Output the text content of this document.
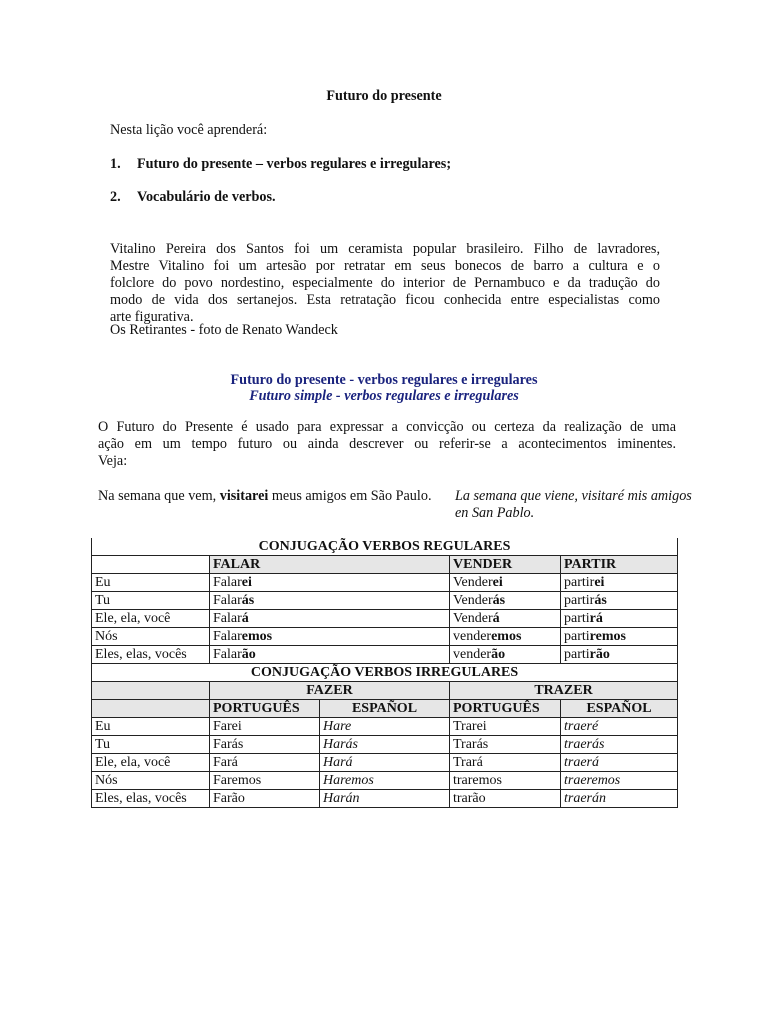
Futuro do presente
Nesta lição você aprenderá:
1. Futuro do presente – verbos regulares e irregulares;
2. Vocabulário de verbos.
Vitalino Pereira dos Santos foi um ceramista popular brasileiro. Filho de lavradores,
Mestre Vitalino foi um artesão por retratar em seus bonecos de barro a cultura e o
folclore do povo nordestino, especialmente do interior de Pernambuco e da tradução do
modo de vida dos sertanejos. Esta retratação ficou conhecida entre especialistas como
arte figurativa.
Os Retirantes - foto de Renato Wandeck
Futuro do presente - verbos regulares e irregulares
Futuro simple - verbos regulares e irregulares
O Futuro do Presente é usado para expressar a convicção ou certeza da realização de uma
ação em um tempo futuro ou ainda descrever ou referir-se a acontecimentos iminentes.
Veja:
Na semana que vem, visitarei meus amigos em São Paulo.	La semana que viene, visitaré mis amigos en San Pablo.
CONJUGAÇÃO VERBOS REGULARES				
	FALAR		VENDER	PARTIR
Eu	Falarei		Venderei	partirei
Tu	Falarás		Venderás	partirás
Ele, ela, você	Falará		Venderá	partirá
Nós	Falaremos		venderemos	partiremos
Eles, elas, vocês	Falarão		venderão	partirão
CONJUGAÇÃO VERBOS IRREGULARES				
	FAZER		TRAZER	
	PORTUGUÊS	ESPAÑOL	PORTUGUÊS	ESPAÑOL
Eu	Farei	Hare	Trarei	traeré
Tu	Farás	Harás	Trarás	traerás
Ele, ela, você	Fará	Hará	Trará	traerá
Nós	Faremos	Haremos	traremos	traeremos
Eles, elas, vocês	Farão	Harán	trarão	traerán
